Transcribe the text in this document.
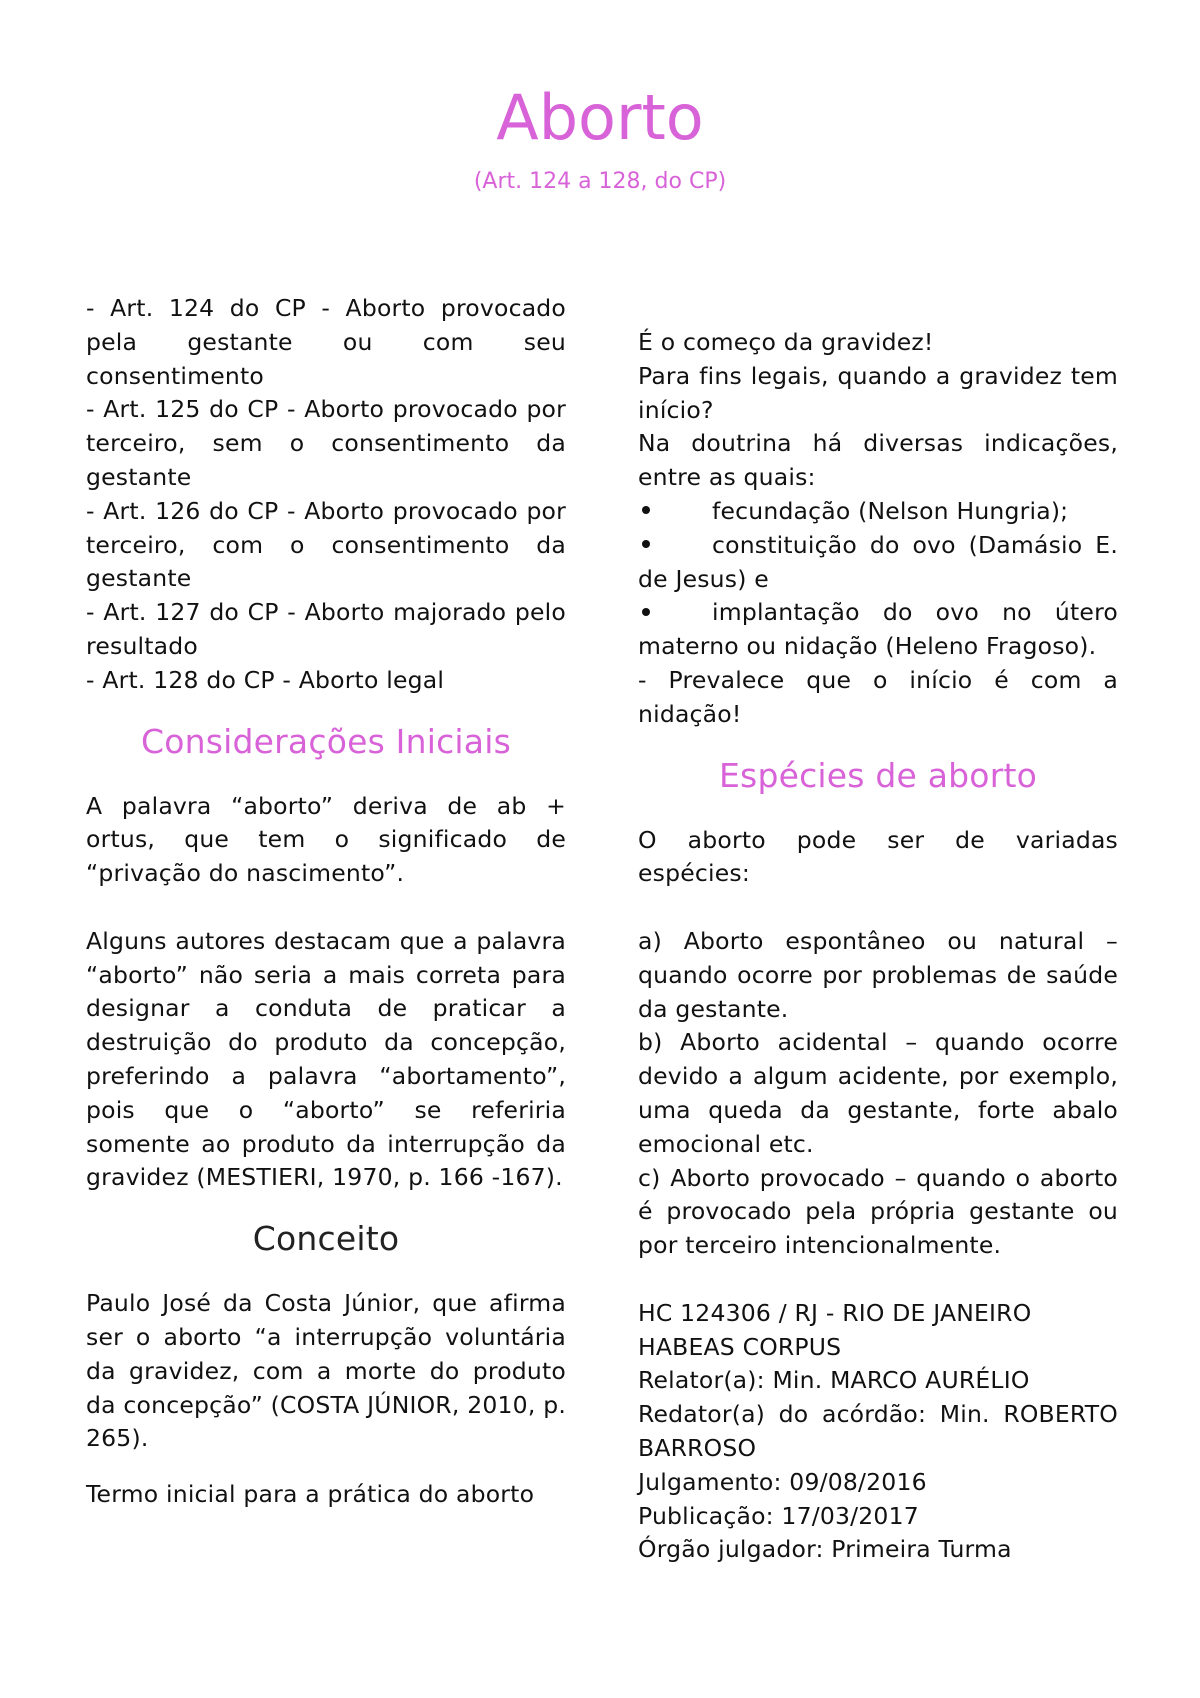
Aborto
(Art. 124 a 128, do CP)

- Art. 124 do CP - Aborto provocado pela gestante ou com seu consentimento

- Art. 125 do CP - Aborto provocado por terceiro, sem o consentimento da gestante

- Art. 126 do CP - Aborto provocado por terceiro, com o consentimento da gestante

- Art. 127 do CP - Aborto majorado pelo resultado

- Art. 128 do CP - Aborto legal

Considerações Iniciais

A palavra “aborto” deriva de ab + ortus, que tem o significado de “privação do nascimento”.

Alguns autores destacam que a palavra “aborto” não seria a mais correta para designar a conduta de praticar a destruição do produto da concepção, preferindo a palavra “abortamento”, pois que o “aborto” se referiria somente ao produto da interrupção da gravidez (MESTIERI, 1970, p. 166 -167).

Conceito

Paulo José da Costa Júnior, que afirma ser o aborto “a interrupção voluntária da gravidez, com a morte do produto da concepção” (COSTA JÚNIOR, 2010, p. 265).

Termo inicial para a prática do aborto

É o começo da gravidez!

Para fins legais, quando a gravidez tem início?

Na doutrina há diversas indicações, entre as quais:

fecundação (Nelson Hungria);

constituição do ovo (Damásio E. de Jesus) e

implantação do ovo no útero materno ou nidação (Heleno Fragoso).

- Prevalece que o início é com a nidação!

Espécies de aborto

O aborto pode ser de variadas espécies:

a) Aborto espontâneo ou natural – quando ocorre por problemas de saúde da gestante.

b) Aborto acidental – quando ocorre devido a algum acidente, por exemplo, uma queda da gestante, forte abalo emocional etc.

c) Aborto provocado – quando o aborto é provocado pela própria gestante ou por terceiro intencionalmente.

HC 124306 / RJ - RIO DE JANEIRO

HABEAS CORPUS

Relator(a): Min. MARCO AURÉLIO

Redator(a) do acórdão: Min. ROBERTO BARROSO

Julgamento: 09/08/2016

Publicação: 17/03/2017

Órgão julgador: Primeira Turma
